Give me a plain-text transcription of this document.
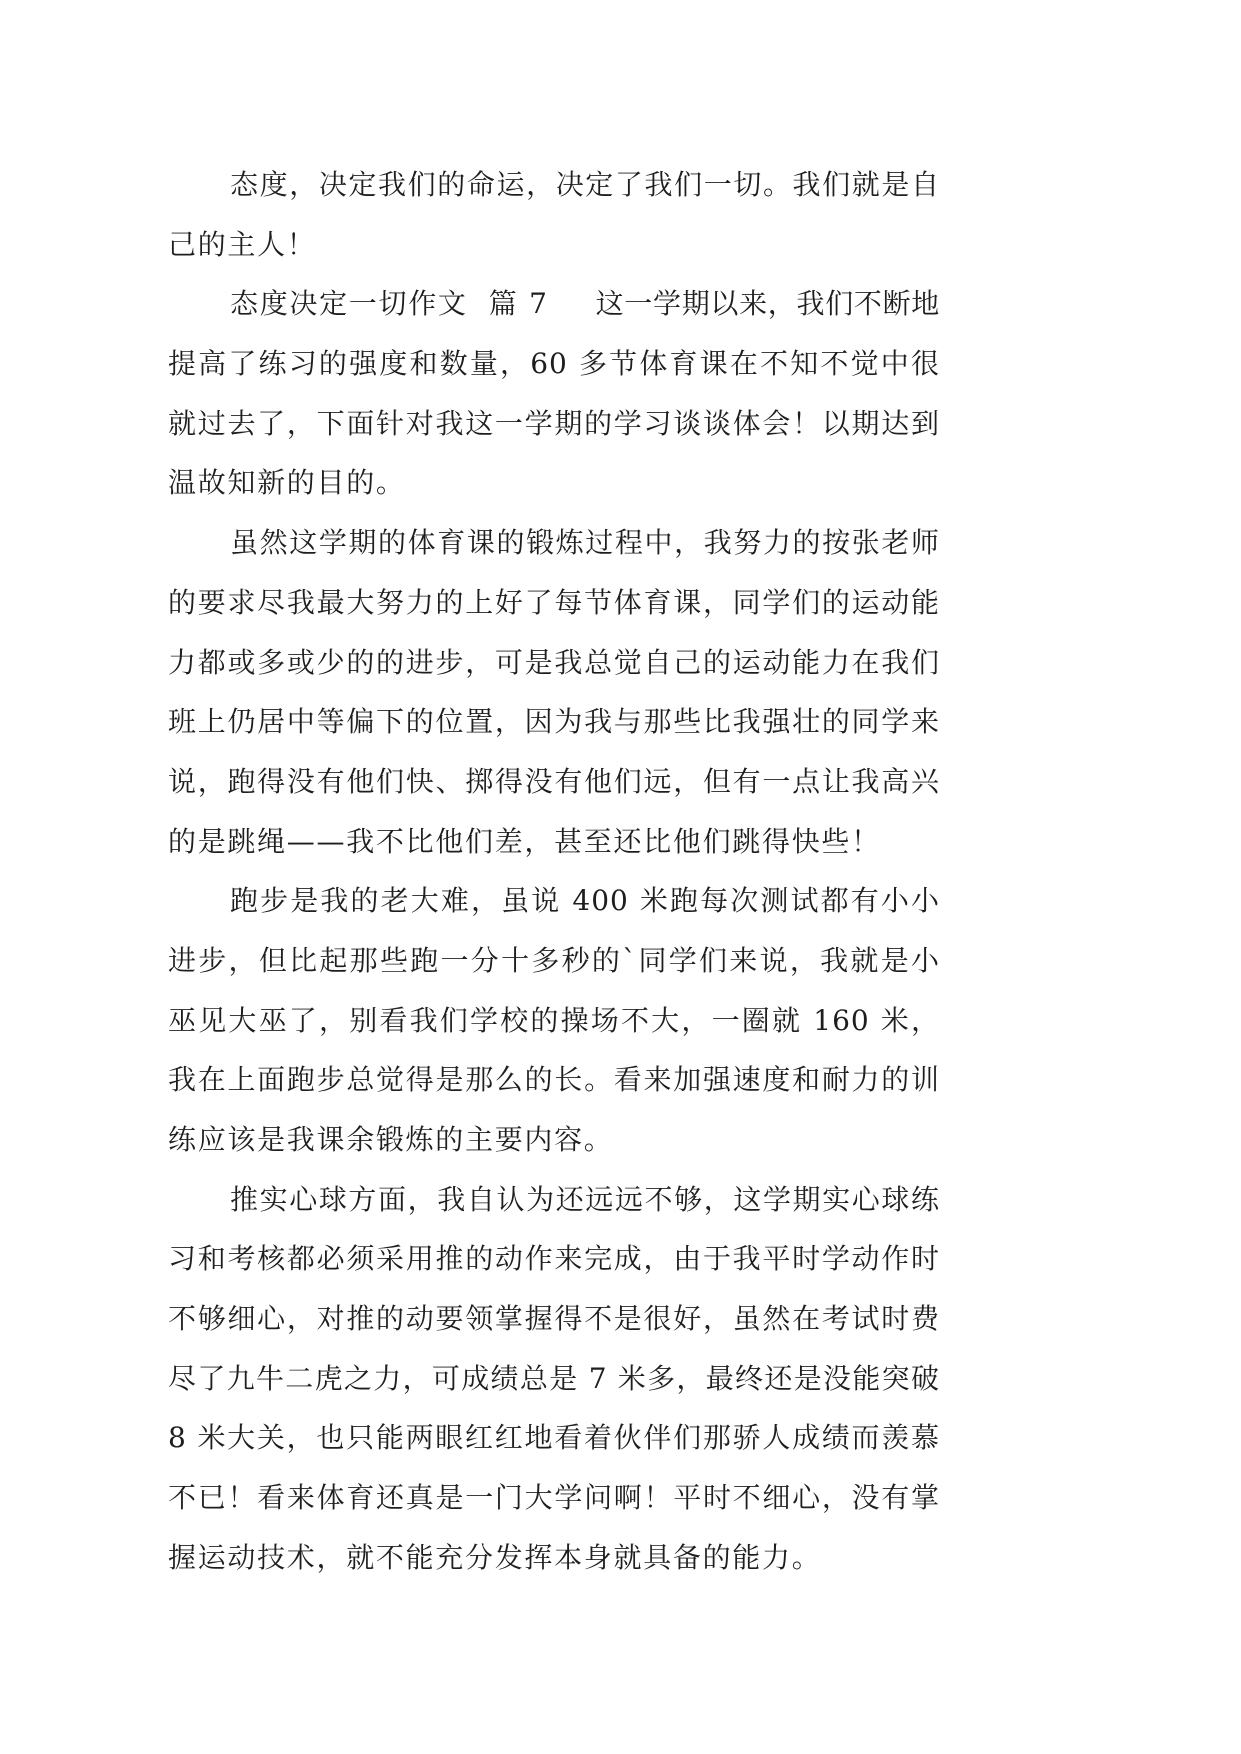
态度，决定我们的命运，决定了我们一切。我们就是自
己的主人！
态度决定一切作文  篇 7 这一学期以来，我们不断地
提高了练习的强度和数量，60 多节体育课在不知不觉中很
就过去了，下面针对我这一学期的学习谈谈体会！以期达到
温故知新的目的。
虽然这学期的体育课的锻炼过程中，我努力的按张老师
的要求尽我最大努力的上好了每节体育课，同学们的运动能
力都或多或少的的进步，可是我总觉自己的运动能力在我们
班上仍居中等偏下的位置，因为我与那些比我强壮的同学来
说，跑得没有他们快、掷得没有他们远，但有一点让我高兴
的是跳绳——我不比他们差，甚至还比他们跳得快些！
跑步是我的老大难，虽说 400 米跑每次测试都有小小
进步，但比起那些跑一分十多秒的`同学们来说，我就是小
巫见大巫了，别看我们学校的操场不大，一圈就 160 米，
我在上面跑步总觉得是那么的长。看来加强速度和耐力的训
练应该是我课余锻炼的主要内容。
推实心球方面，我自认为还远远不够，这学期实心球练
习和考核都必须采用推的动作来完成，由于我平时学动作时
不够细心，对推的动要领掌握得不是很好，虽然在考试时费
尽了九牛二虎之力，可成绩总是 7 米多，最终还是没能突破
8 米大关，也只能两眼红红地看着伙伴们那骄人成绩而羡慕
不已！看来体育还真是一门大学问啊！平时不细心，没有掌
握运动技术，就不能充分发挥本身就具备的能力。
